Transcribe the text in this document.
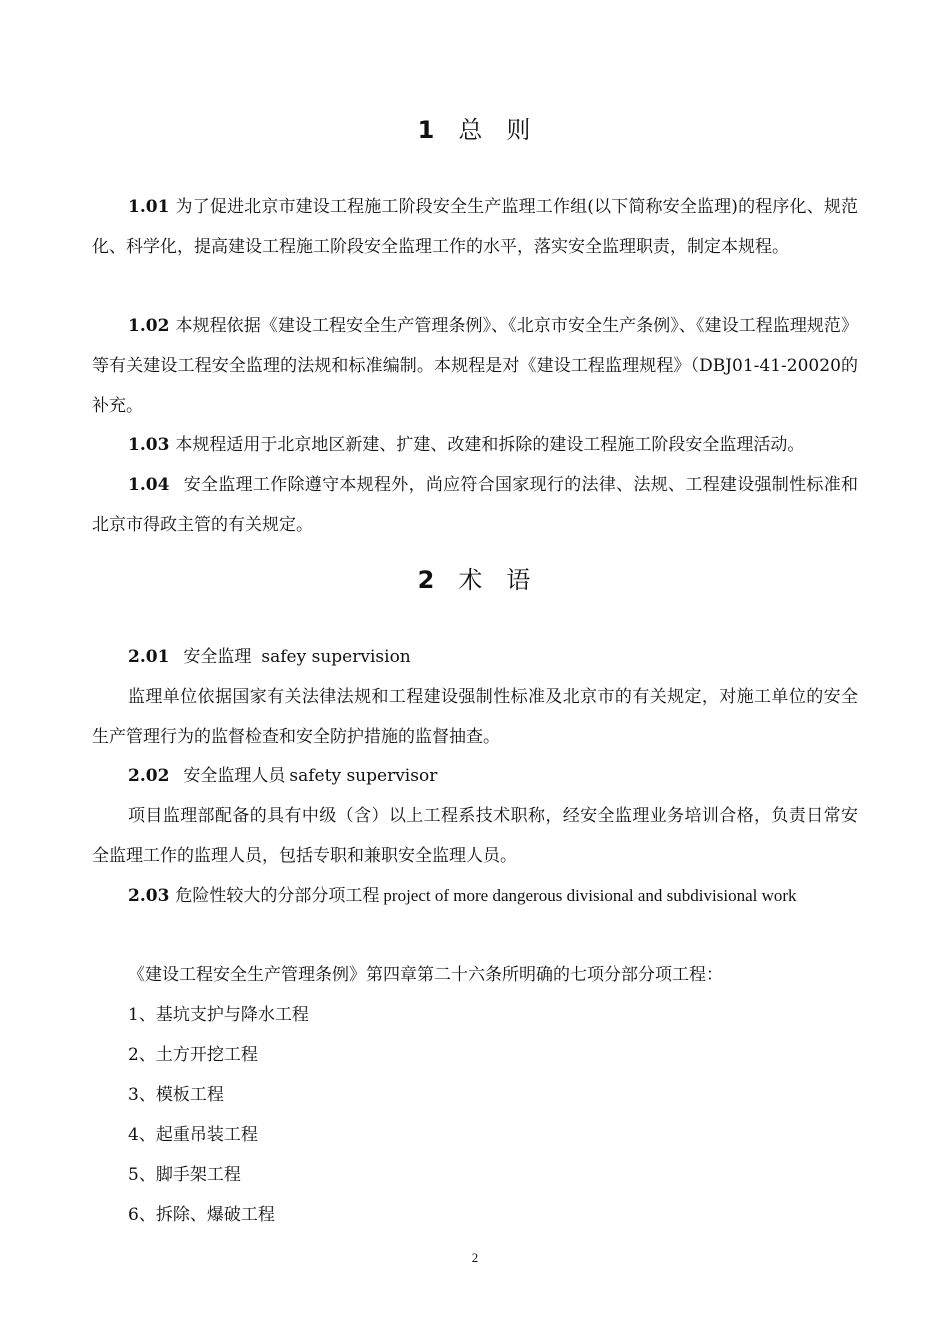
1 总 则
1.01 为了促进北京市建设工程施工阶段安全生产监理工作组(以下简称安全监理)的程序化、规范化、科学化，提高建设工程施工阶段安全监理工作的水平，落实安全监理职责，制定本规程。
1.02 本规程依据《建设工程安全生产管理条例》、《北京市安全生产条例》、《建设工程监理规范》等有关建设工程安全监理的法规和标准编制。本规程是对《建设工程监理规程》（DBJ01-41-20020的补充。
1.03 本规程适用于北京地区新建、扩建、改建和拆除的建设工程施工阶段安全监理活动。
1.04 安全监理工作除遵守本规程外，尚应符合国家现行的法律、法规、工程建设强制性标准和北京市得政主管的有关规定。
2 术 语
2.01 安全监理 safey supervision
监理单位依据国家有关法律法规和工程建设强制性标准及北京市的有关规定，对施工单位的安全生产管理行为的监督检查和安全防护措施的监督抽查。
2.02 安全监理人员 safety supervisor
项目监理部配备的具有中级（含）以上工程系技术职称，经安全监理业务培训合格，负责日常安全监理工作的监理人员，包括专职和兼职安全监理人员。
2.03 危险性较大的分部分项工程 project of more dangerous divisional and subdivisional work
《建设工程安全生产管理条例》第四章第二十六条所明确的七项分部分项工程：
1、基坑支护与降水工程
2、土方开挖工程
3、模板工程
4、起重吊装工程
5、脚手架工程
6、拆除、爆破工程
2
